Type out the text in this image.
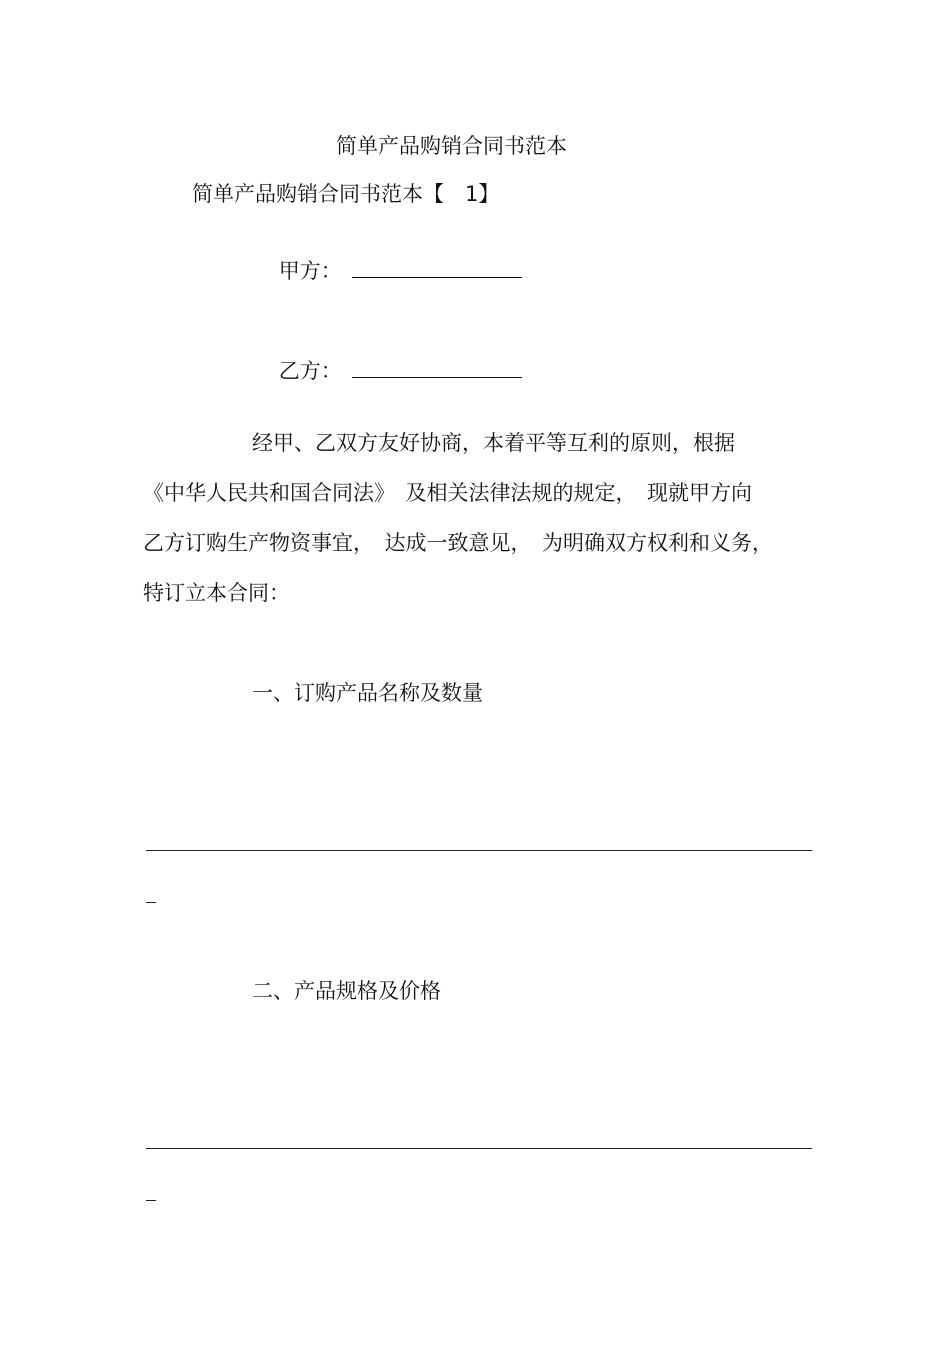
简单产品购销合同书范本

简单产品购销合同书范本【　1】

甲方：

乙方：

经甲、乙双方友好协商，本着平等互利的原则，根据

《中华人民共和国合同法》　及相关法律法规的规定，　现就甲方向

乙方订购生产物资事宜，　达成一致意见，　为明确双方权利和义务，

特订立本合同：

一、订购产品名称及数量

二、产品规格及价格
